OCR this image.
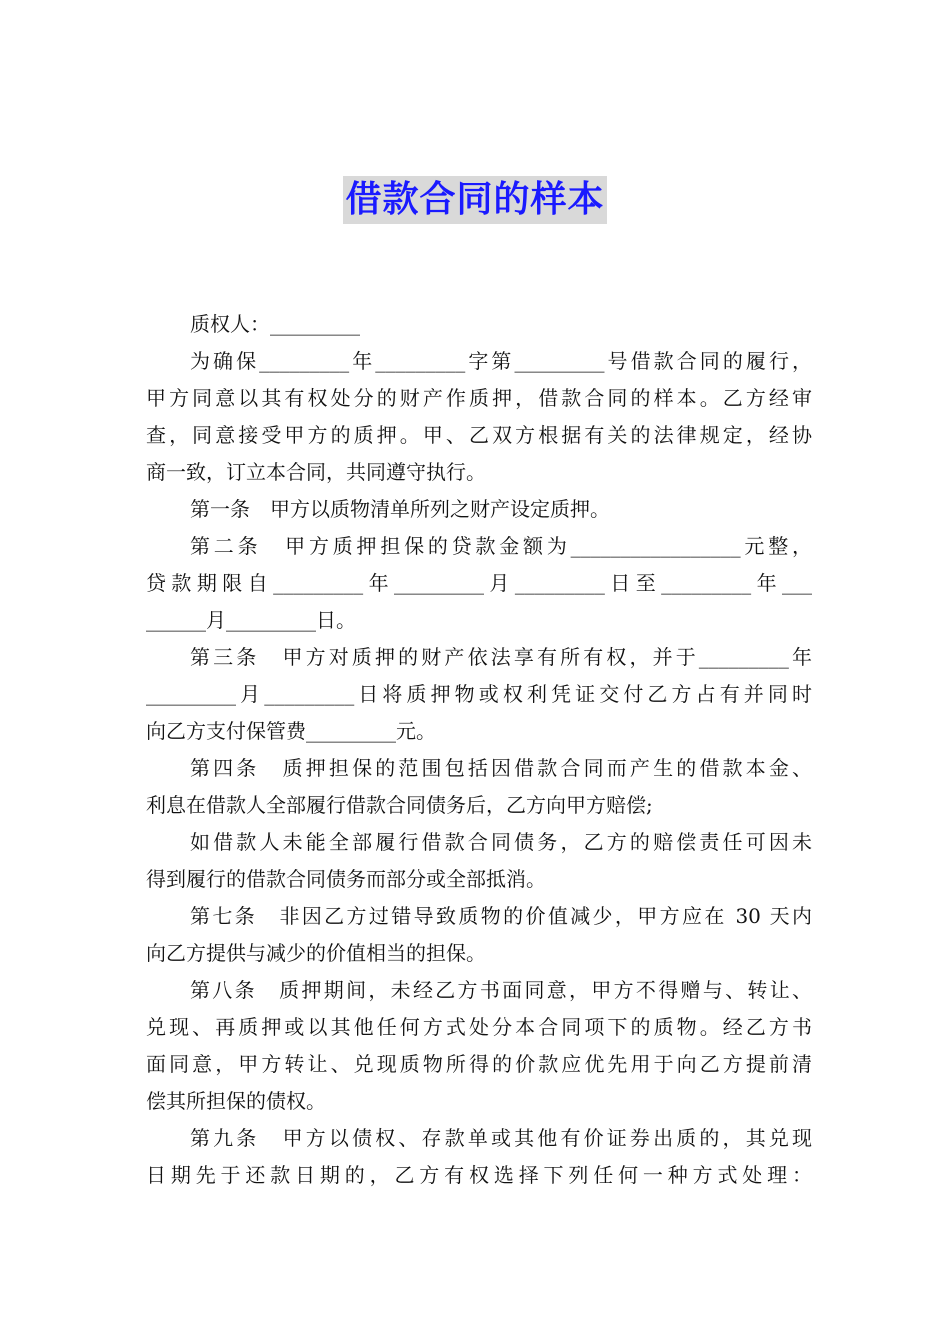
借款合同的样本
质权人：_________
为确保_________年_________字第_________号借款合同的履行，
甲方同意以其有权处分的财产作质押，借款合同的样本。乙方经审
查，同意接受甲方的质押。甲、乙双方根据有关的法律规定，经协
商一致，订立本合同，共同遵守执行。
第一条　甲方以质物清单所列之财产设定质押。
第二条　甲方质押担保的贷款金额为_________________元整，
贷款期限自_________年_________月_________日至_________年___
______月_________日。
第三条　甲方对质押的财产依法享有所有权，并于_________年
_________月_________日将质押物或权利凭证交付乙方占有并同时
向乙方支付保管费_________元。
第四条　质押担保的范围包括因借款合同而产生的借款本金、
利息在借款人全部履行借款合同债务后，乙方向甲方赔偿;
如借款人未能全部履行借款合同债务，乙方的赔偿责任可因未
得到履行的借款合同债务而部分或全部抵消。
第七条　非因乙方过错导致质物的价值减少，甲方应在 30 天内
向乙方提供与减少的价值相当的担保。
第八条　质押期间，未经乙方书面同意，甲方不得赠与、转让、
兑现、再质押或以其他任何方式处分本合同项下的质物。经乙方书
面同意，甲方转让、兑现质物所得的价款应优先用于向乙方提前清
偿其所担保的债权。
第九条　甲方以债权、存款单或其他有价证券出质的，其兑现
日期先于还款日期的，乙方有权选择下列任何一种方式处理：
